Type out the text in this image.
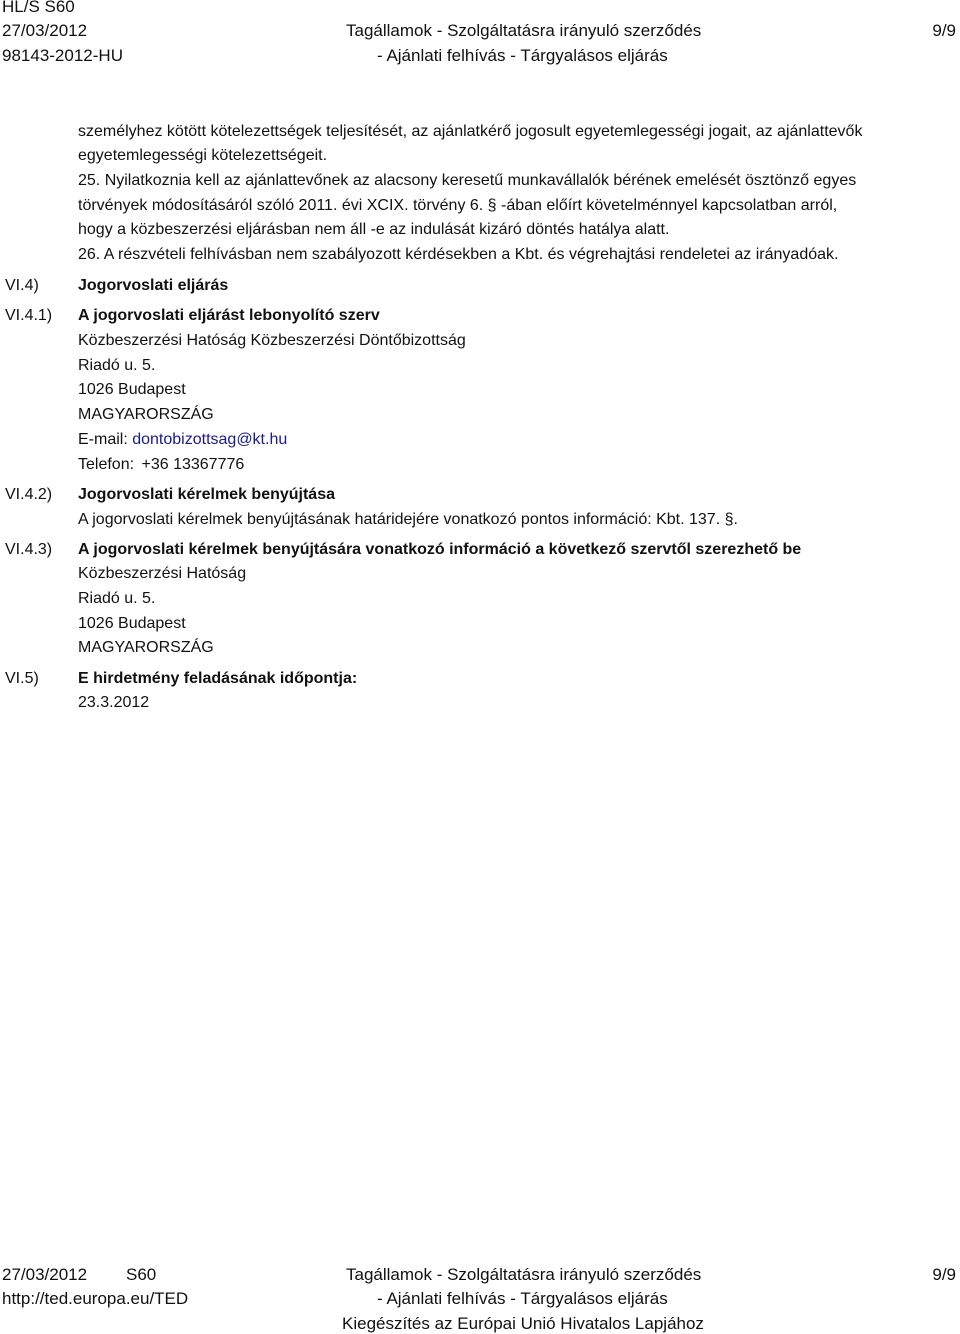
HL/S S60
27/03/2012
98143-2012-HU
Tagállamok - Szolgáltatásra irányuló szerződés
- Ajánlati felhívás - Tárgyalásos eljárás
9/9
személyhez kötött kötelezettségek teljesítését, az ajánlatkérő jogosult egyetemlegességi jogait, az ajánlattevők
egyetemlegességi kötelezettségeit.
25. Nyilatkoznia kell az ajánlattevőnek az alacsony keresetű munkavállalók bérének emelését ösztönző egyes
törvények módosításáról szóló 2011. évi XCIX. törvény 6. § -ában előírt követelménnyel kapcsolatban arról,
hogy a közbeszerzési eljárásban nem áll -e az indulását kizáró döntés hatálya alatt.
26. A részvételi felhívásban nem szabályozott kérdésekben a Kbt. és végrehajtási rendeletei az irányadóak.
VI.4) Jogorvoslati eljárás
VI.4.1) A jogorvoslati eljárást lebonyolító szerv
Közbeszerzési Hatóság Közbeszerzési Döntőbizottság
Riadó u. 5.
1026 Budapest
MAGYARORSZÁG
E-mail: dontobizottsag@kt.hu
Telefon: +36 13367776
VI.4.2) Jogorvoslati kérelmek benyújtása
A jogorvoslati kérelmek benyújtásának határidejére vonatkozó pontos információ: Kbt. 137. §.
VI.4.3) A jogorvoslati kérelmek benyújtására vonatkozó információ a következő szervtől szerezhető be
Közbeszerzési Hatóság
Riadó u. 5.
1026 Budapest
MAGYARORSZÁG
VI.5) E hirdetmény feladásának időpontja:
23.3.2012
27/03/2012 S60
http://ted.europa.eu/TED
Tagállamok - Szolgáltatásra irányuló szerződés
- Ajánlati felhívás - Tárgyalásos eljárás
Kiegészítés az Európai Unió Hivatalos Lapjához
9/9
